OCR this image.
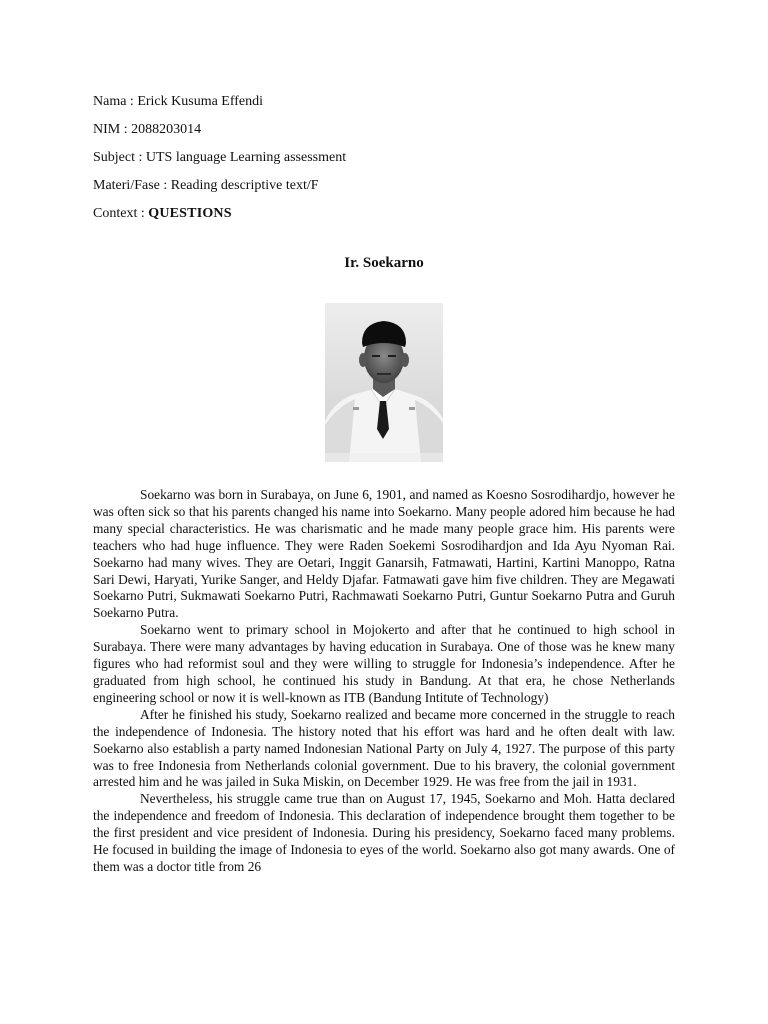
Nama : Erick Kusuma Effendi
NIM : 2088203014
Subject : UTS language Learning assessment
Materi/Fase : Reading descriptive text/F
Context : QUESTIONS
Ir. Soekarno

Soekarno was born in Surabaya, on June 6, 1901, and named as Koesno Sosrodihardjo, however he was often sick so that his parents changed his name into Soekarno. Many people adored him because he had many special characteristics. He was charismatic and he made many people grace him. His parents were teachers who had huge influence. They were Raden Soekemi Sosrodihardjon and Ida Ayu Nyoman Rai. Soekarno had many wives. They are Oetari, Inggit Ganarsih, Fatmawati, Hartini, Kartini Manoppo, Ratna Sari Dewi, Haryati, Yurike Sanger, and Heldy Djafar. Fatmawati gave him five children. They are Megawati Soekarno Putri, Sukmawati Soekarno Putri, Rachmawati Soekarno Putri, Guntur Soekarno Putra and Guruh Soekarno Putra.

Soekarno went to primary school in Mojokerto and after that he continued to high school in Surabaya. There were many advantages by having education in Surabaya. One of those was he knew many figures who had reformist soul and they were willing to struggle for Indonesia’s independence. After he graduated from high school, he continued his study in Bandung. At that era, he chose Netherlands engineering school or now it is well-known as ITB (Bandung Intitute of Technology)

After he finished his study, Soekarno realized and became more concerned in the struggle to reach the independence of Indonesia. The history noted that his effort was hard and he often dealt with law. Soekarno also establish a party named Indonesian National Party on July 4, 1927. The purpose of this party was to free Indonesia from Netherlands colonial government. Due to his bravery, the colonial government arrested him and he was jailed in Suka Miskin, on December 1929. He was free from the jail in 1931.

Nevertheless, his struggle came true than on August 17, 1945, Soekarno and Moh. Hatta declared the independence and freedom of Indonesia. This declaration of independence brought them together to be the first president and vice president of Indonesia. During his presidency, Soekarno faced many problems. He focused in building the image of Indonesia to eyes of the world. Soekarno also got many awards. One of them was a doctor title from 26
